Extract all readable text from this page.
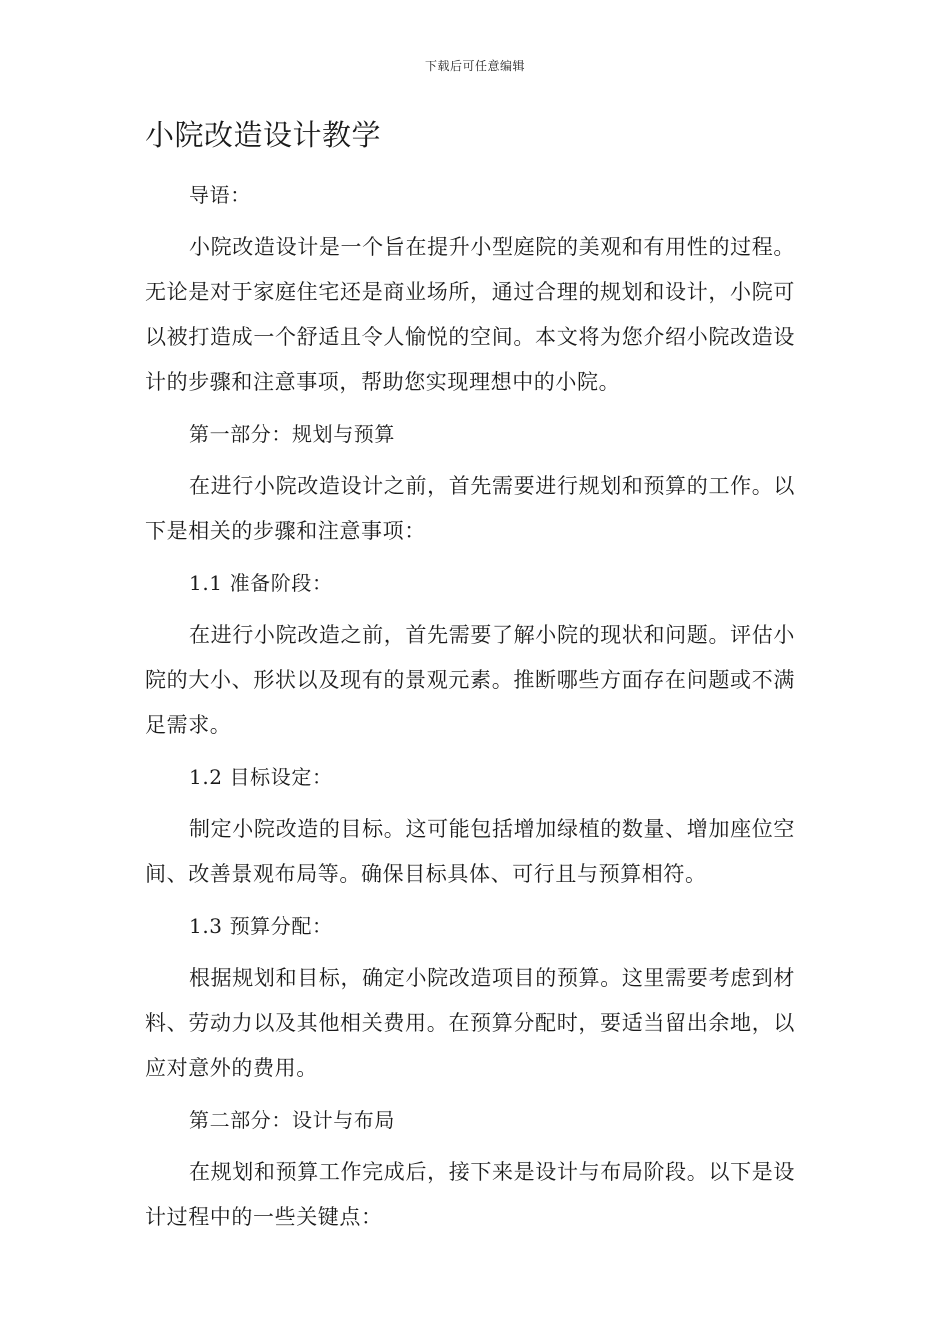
下载后可任意编辑
小院改造设计教学

导语：

小院改造设计是一个旨在提升小型庭院的美观和有用性的过程。无论是对于家庭住宅还是商业场所，通过合理的规划和设计，小院可以被打造成一个舒适且令人愉悦的空间。本文将为您介绍小院改造设计的步骤和注意事项，帮助您实现理想中的小院。

第一部分：规划与预算

在进行小院改造设计之前，首先需要进行规划和预算的工作。以下是相关的步骤和注意事项：

1.1 准备阶段：

在进行小院改造之前，首先需要了解小院的现状和问题。评估小院的大小、形状以及现有的景观元素。推断哪些方面存在问题或不满足需求。

1.2 目标设定：

制定小院改造的目标。这可能包括增加绿植的数量、增加座位空间、改善景观布局等。确保目标具体、可行且与预算相符。

1.3 预算分配：

根据规划和目标，确定小院改造项目的预算。这里需要考虑到材料、劳动力以及其他相关费用。在预算分配时，要适当留出余地，以应对意外的费用。

第二部分：设计与布局

在规划和预算工作完成后，接下来是设计与布局阶段。以下是设计过程中的一些关键点：
